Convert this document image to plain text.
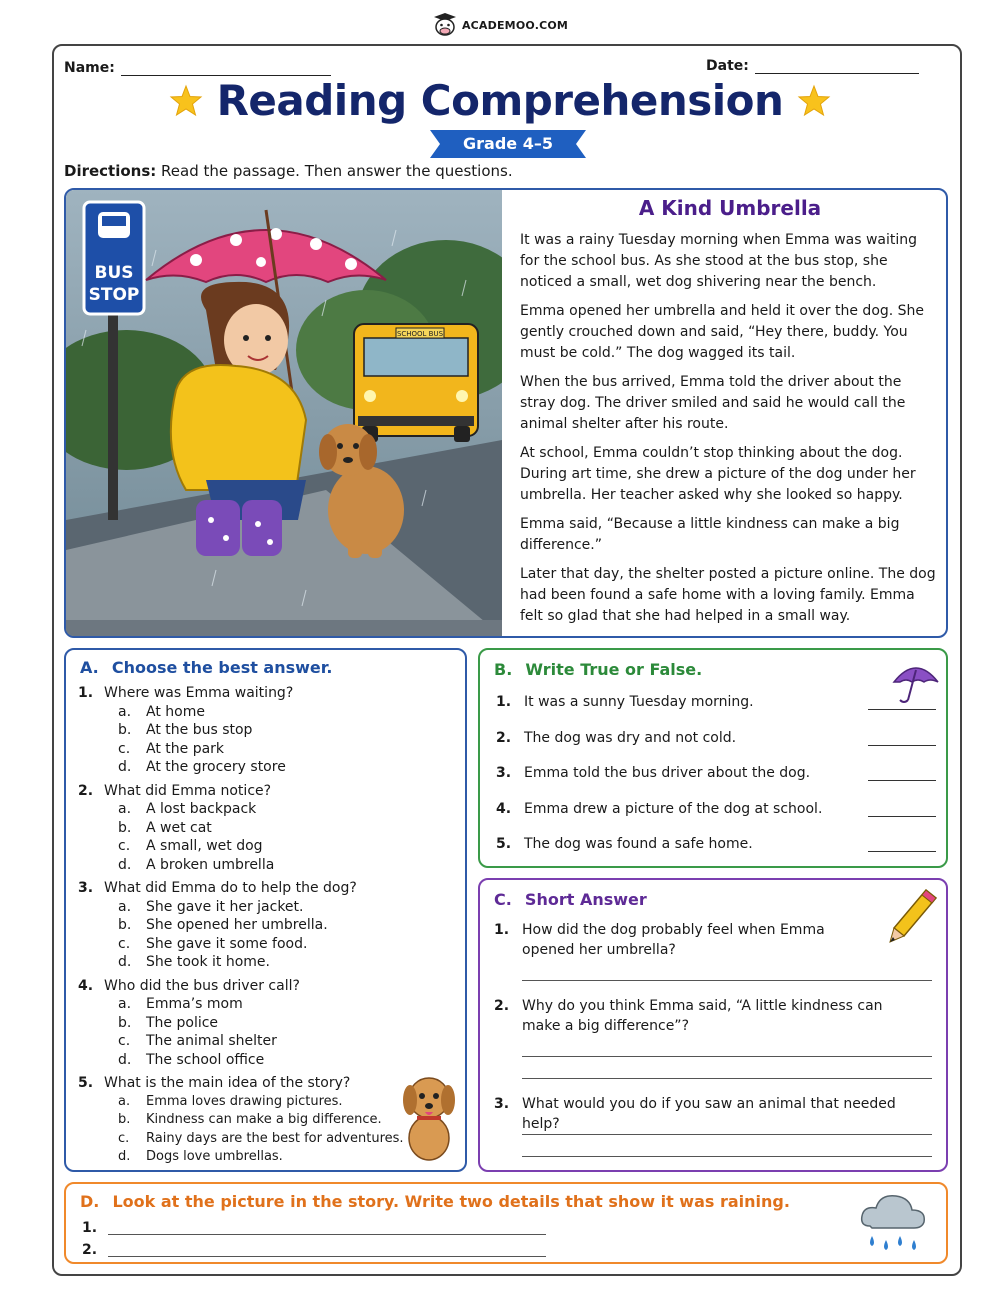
ACADEMOO.COM
Name:	Date:
Reading Comprehension
Grade 4–5
Directions: Read the passage. Then answer the questions.
SCHOOL BUS
BUS
STOP
A Kind Umbrella

It was a rainy Tuesday morning when Emma was waiting for the school bus. As she stood at the bus stop, she noticed a small, wet dog shivering near the bench.

Emma opened her umbrella and held it over the dog. She gently crouched down and said, “Hey there, buddy. You must be cold.” The dog wagged its tail.

When the bus arrived, Emma told the driver about the stray dog. The driver smiled and said he would call the animal shelter after his route.

At school, Emma couldn’t stop thinking about the dog. During art time, she drew a picture of the dog under her umbrella. Her teacher asked why she looked so happy.

Emma said, “Because a little kindness can make a big difference.”

Later that day, the shelter posted a picture online. The dog had been found a safe home with a loving family. Emma felt so glad that she had helped in a small way.

A. Choose the best answer.
1. Where was Emma waiting?
a. At home
b. At the bus stop
c. At the park
d. At the grocery store
2. What did Emma notice?
a. A lost backpack
b. A wet cat
c. A small, wet dog
d. A broken umbrella
3. What did Emma do to help the dog?
a. She gave it her jacket.
b. She opened her umbrella.
c. She gave it some food.
d. She took it home.
4. Who did the bus driver call?
a. Emma’s mom
b. The police
c. The animal shelter
d. The school office
5. What is the main idea of the story?
a. Emma loves drawing pictures.
b. Kindness can make a big difference.
c. Rainy days are the best for adventures.
d. Dogs love umbrellas.
B. Write True or False.
1. It was a sunny Tuesday morning.
2. The dog was dry and not cold.
3. Emma told the bus driver about the dog.
4. Emma drew a picture of the dog at school.
5. The dog was found a safe home.
C. Short Answer
1. How did the dog probably feel when Emma opened her umbrella?
2. Why do you think Emma said, “A little kindness can make a big difference”?
3. What would you do if you saw an animal that needed help?
D. Look at the picture in the story. Write two details that show it was raining.
1.
2.
